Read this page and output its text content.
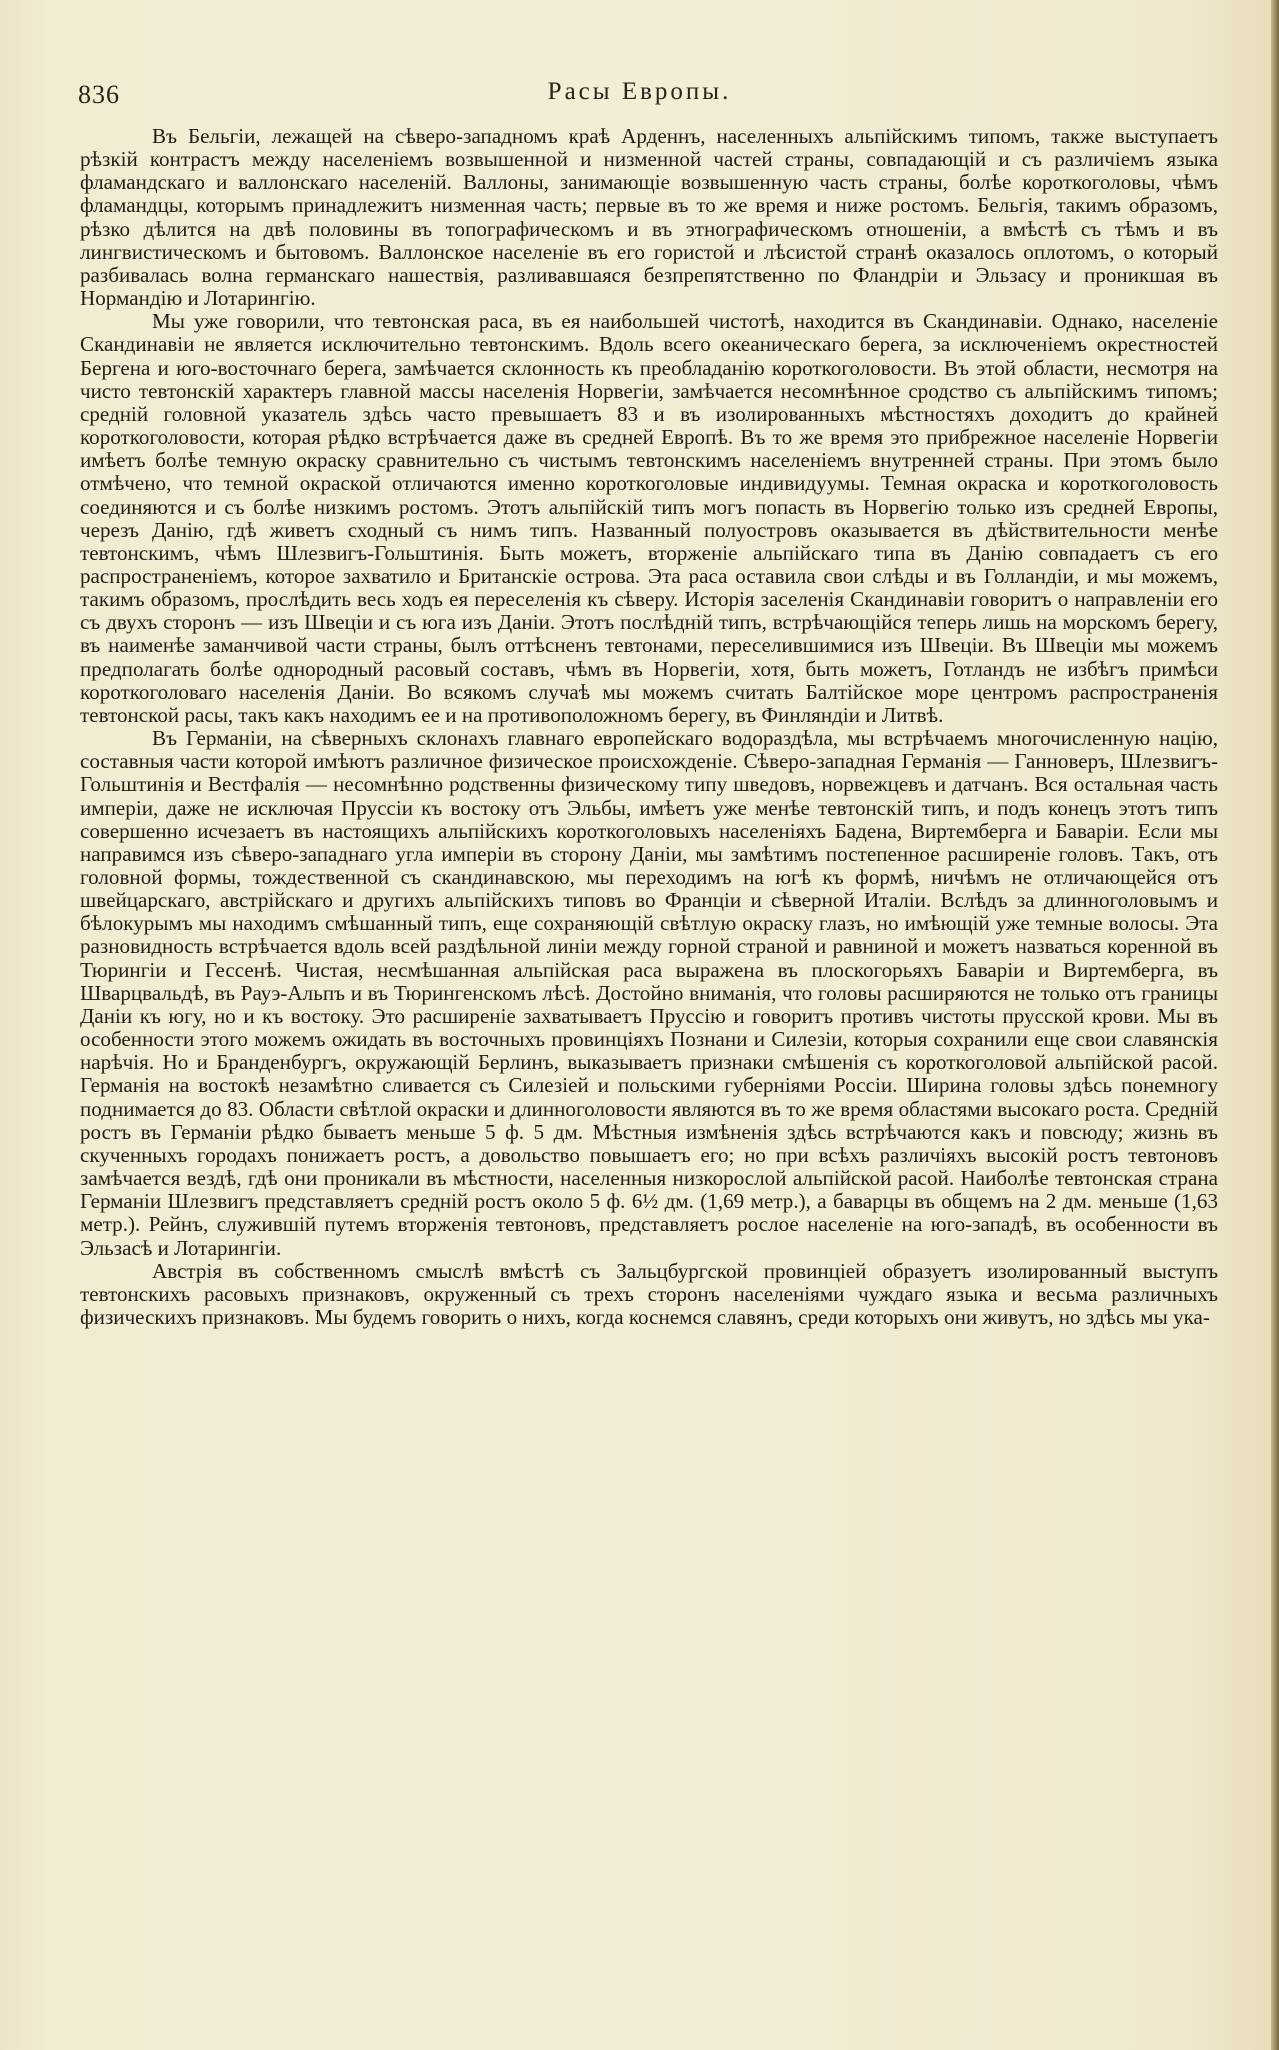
836	Расы Европы.

Въ Бельгiи, лежащей на сѣверо-западномъ краѣ Арденнъ, населенныхъ альпiйскимъ типомъ, также выступаетъ рѣзкiй контрастъ между населенiемъ возвышенной и низменной частей страны, совпадающiй и съ различiемъ языка фламандскаго и валлонскаго населенiй. Валлоны, занимающiе возвышенную часть страны, болѣе короткоголовы, чѣмъ фламандцы, которымъ принадлежитъ низменная часть; первые въ то же время и ниже ростомъ. Бельгiя, такимъ образомъ, рѣзко дѣлится на двѣ половины въ топографическомъ и въ этнографическомъ отношенiи, а вмѣстѣ съ тѣмъ и въ лингвистическомъ и бытовомъ. Валлонское населенiе въ его гористой и лѣсистой странѣ оказалось оплотомъ, о который разбивалась волна германскаго нашествiя, разливавшаяся безпрепятственно по Фландрiи и Эльзасу и проникшая въ Нормандiю и Лотарингiю.

Мы уже говорили, что тевтонская раса, въ ея наибольшей чистотѣ, находится въ Скандинавiи. Однако, населенiе Скандинавiи не является исключительно тевтонскимъ. Вдоль всего океаническаго берега, за исключенiемъ окрестностей Бергена и юго-восточнаго берега, замѣчается склонность къ преобладанiю короткоголовости. Въ этой области, несмотря на чисто тевтонскiй характеръ главной массы населенiя Норвегiи, замѣчается несомнѣнное сродство съ альпiйскимъ типомъ; среднiй головной указатель здѣсь часто превышаетъ 83 и въ изолированныхъ мѣстностяхъ доходитъ до крайней короткоголовости, которая рѣдко встрѣчается даже въ средней Европѣ. Въ то же время это прибрежное населенiе Норвегiи имѣетъ болѣе темную окраску сравнительно съ чистымъ тевтонскимъ населенiемъ внутренней страны. При этомъ было отмѣчено, что темной окраской отличаются именно короткоголовые индивидуумы. Темная окраска и короткоголовость соединяются и съ болѣе низкимъ ростомъ. Этотъ альпiйскiй типъ могъ попасть въ Норвегiю только изъ средней Европы, черезъ Данiю, гдѣ живетъ сходный съ нимъ типъ. Названный полуостровъ оказывается въ дѣйствительности менѣе тевтонскимъ, чѣмъ Шлезвигъ-Гольштинiя. Быть можетъ, вторженiе альпiйскаго типа въ Данiю совпадаетъ съ его распространенiемъ, которое захватило и Британскiе острова. Эта раса оставила свои слѣды и въ Голландiи, и мы можемъ, такимъ образомъ, прослѣдить весь ходъ ея переселенiя къ сѣверу. Исторiя заселенiя Скандинавiи говоритъ о направленiи его съ двухъ сторонъ — изъ Швецiи и съ юга изъ Данiи. Этотъ послѣднiй типъ, встрѣчающiйся теперь лишь на морскомъ берегу, въ наименѣе заманчивой части страны, былъ оттѣсненъ тевтонами, переселившимися изъ Швецiи. Въ Швецiи мы можемъ предполагать болѣе однородный расовый составъ, чѣмъ въ Норвегiи, хотя, быть можетъ, Готландъ не избѣгъ примѣси короткоголоваго населенiя Данiи. Во всякомъ случаѣ мы можемъ считать Балтiйское море центромъ распространенiя тевтонской расы, такъ какъ находимъ ее и на противоположномъ берегу, въ Финляндiи и Литвѣ.

Въ Германiи, на сѣверныхъ склонахъ главнаго европейскаго водораздѣла, мы встрѣчаемъ многочисленную нацiю, составныя части которой имѣютъ различное физическое происхожденiе. Сѣверо-западная Германiя — Ганноверъ, Шлезвигъ-Гольштинiя и Вестфалiя — несомнѣнно родственны физическому типу шведовъ, норвежцевъ и датчанъ. Вся остальная часть имперiи, даже не исключая Пруссiи къ востоку отъ Эльбы, имѣетъ уже менѣе тевтонскiй типъ, и подъ конецъ этотъ типъ совершенно исчезаетъ въ настоящихъ альпiйскихъ короткоголовыхъ населенiяхъ Бадена, Виртемберга и Баварiи. Если мы направимся изъ сѣверо-западнаго угла имперiи въ сторону Данiи, мы замѣтимъ постепенное расширенiе головъ. Такъ, отъ головной формы, тождественной съ скандинавскою, мы переходимъ на югѣ къ формѣ, ничѣмъ не отличающейся отъ швейцарскаго, австрiйскаго и другихъ альпiйскихъ типовъ во Францiи и сѣверной Италiи. Вслѣдъ за длинноголовымъ и бѣлокурымъ мы находимъ смѣшанный типъ, еще сохраняющiй свѣтлую окраску глазъ, но имѣющiй уже темные волосы. Эта разновидность встрѣчается вдоль всей раздѣльной линiи между горной страной и равниной и можетъ назваться коренной въ Тюрингiи и Гессенѣ. Чистая, несмѣшанная альпiйская раса выражена въ плоскогорьяхъ Баварiи и Виртемберга, въ Шварцвальдѣ, въ Рауэ-Альпъ и въ Тюрингенскомъ лѣсѣ. Достойно вниманiя, что головы расширяются не только отъ границы Данiи къ югу, но и къ востоку. Это расширенiе захватываетъ Пруссiю и говоритъ противъ чистоты прусской крови. Мы въ особенности этого можемъ ожидать въ восточныхъ провинцiяхъ Познани и Силезiи, которыя сохранили еще свои славянскiя нарѣчiя. Но и Бранденбургъ, окружающiй Берлинъ, выказываетъ признаки смѣшенiя съ короткоголовой альпiйской расой. Германiя на востокѣ незамѣтно сливается съ Силезiей и польскими губернiями Россiи. Ширина головы здѣсь понемногу поднимается до 83. Области свѣтлой окраски и длинноголовости являются въ то же время областями высокаго роста. Среднiй ростъ въ Германiи рѣдко бываетъ меньше 5 ф. 5 дм. Мѣстныя измѣненiя здѣсь встрѣчаются какъ и повсюду; жизнь въ скученныхъ городахъ понижаетъ ростъ, а довольство повышаетъ его; но при всѣхъ различiяхъ высокiй ростъ тевтоновъ замѣчается вездѣ, гдѣ они проникали въ мѣстности, населенныя низкорослой альпiйской расой. Наиболѣе тевтонская страна Германiи Шлезвигъ представляетъ среднiй ростъ около 5 ф. 6½ дм. (1,69 метр.), а баварцы въ общемъ на 2 дм. меньше (1,63 метр.). Рейнъ, служившiй путемъ вторженiя тевтоновъ, представляетъ рослое населенiе на юго-западѣ, въ особенности въ Эльзасѣ и Лотарингiи.

Австрiя въ собственномъ смыслѣ вмѣстѣ съ Зальцбургской провинцiей образуетъ изолированный выступъ тевтонскихъ расовыхъ признаковъ, окруженный съ трехъ сторонъ населенiями чуждаго языка и весьма различныхъ физическихъ признаковъ. Мы будемъ говорить о нихъ, когда коснемся славянъ, среди которыхъ они живутъ, но здѣсь мы ука-
